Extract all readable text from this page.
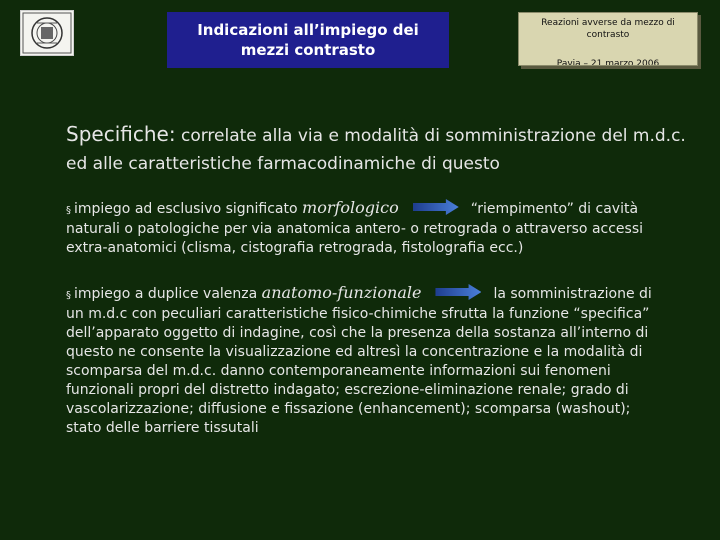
Indicazioni all’impiego dei mezzi contrasto
Reazioni avverse da mezzo di contrasto
Pavia – 21 marzo 2006
Specifiche: correlate alla via e modalità di somministrazione del m.d.c. ed alle caratteristiche farmacodinamiche di questo
§ impiego ad esclusivo significato morfologico	“riempimento” di cavità naturali o patologiche per via anatomica antero- o retrograda o attraverso accessi extra-anatomici (clisma, cistografia retrograda, fistolografia ecc.)
§ impiego a duplice valenza anatomo-funzionale	la somministrazione di un m.d.c con peculiari caratteristiche fisico-chimiche sfrutta la funzione “specifica” dell’apparato oggetto di indagine, così che la presenza della sostanza all’interno di questo ne consente la visualizzazione ed altresì la concentrazione e la modalità di scomparsa del m.d.c. danno contemporaneamente informazioni sui fenomeni funzionali propri del distretto indagato; escrezione-eliminazione renale; grado di vascolarizzazione; diffusione e fissazione (enhancement); scomparsa (washout); stato delle barriere tissutali
